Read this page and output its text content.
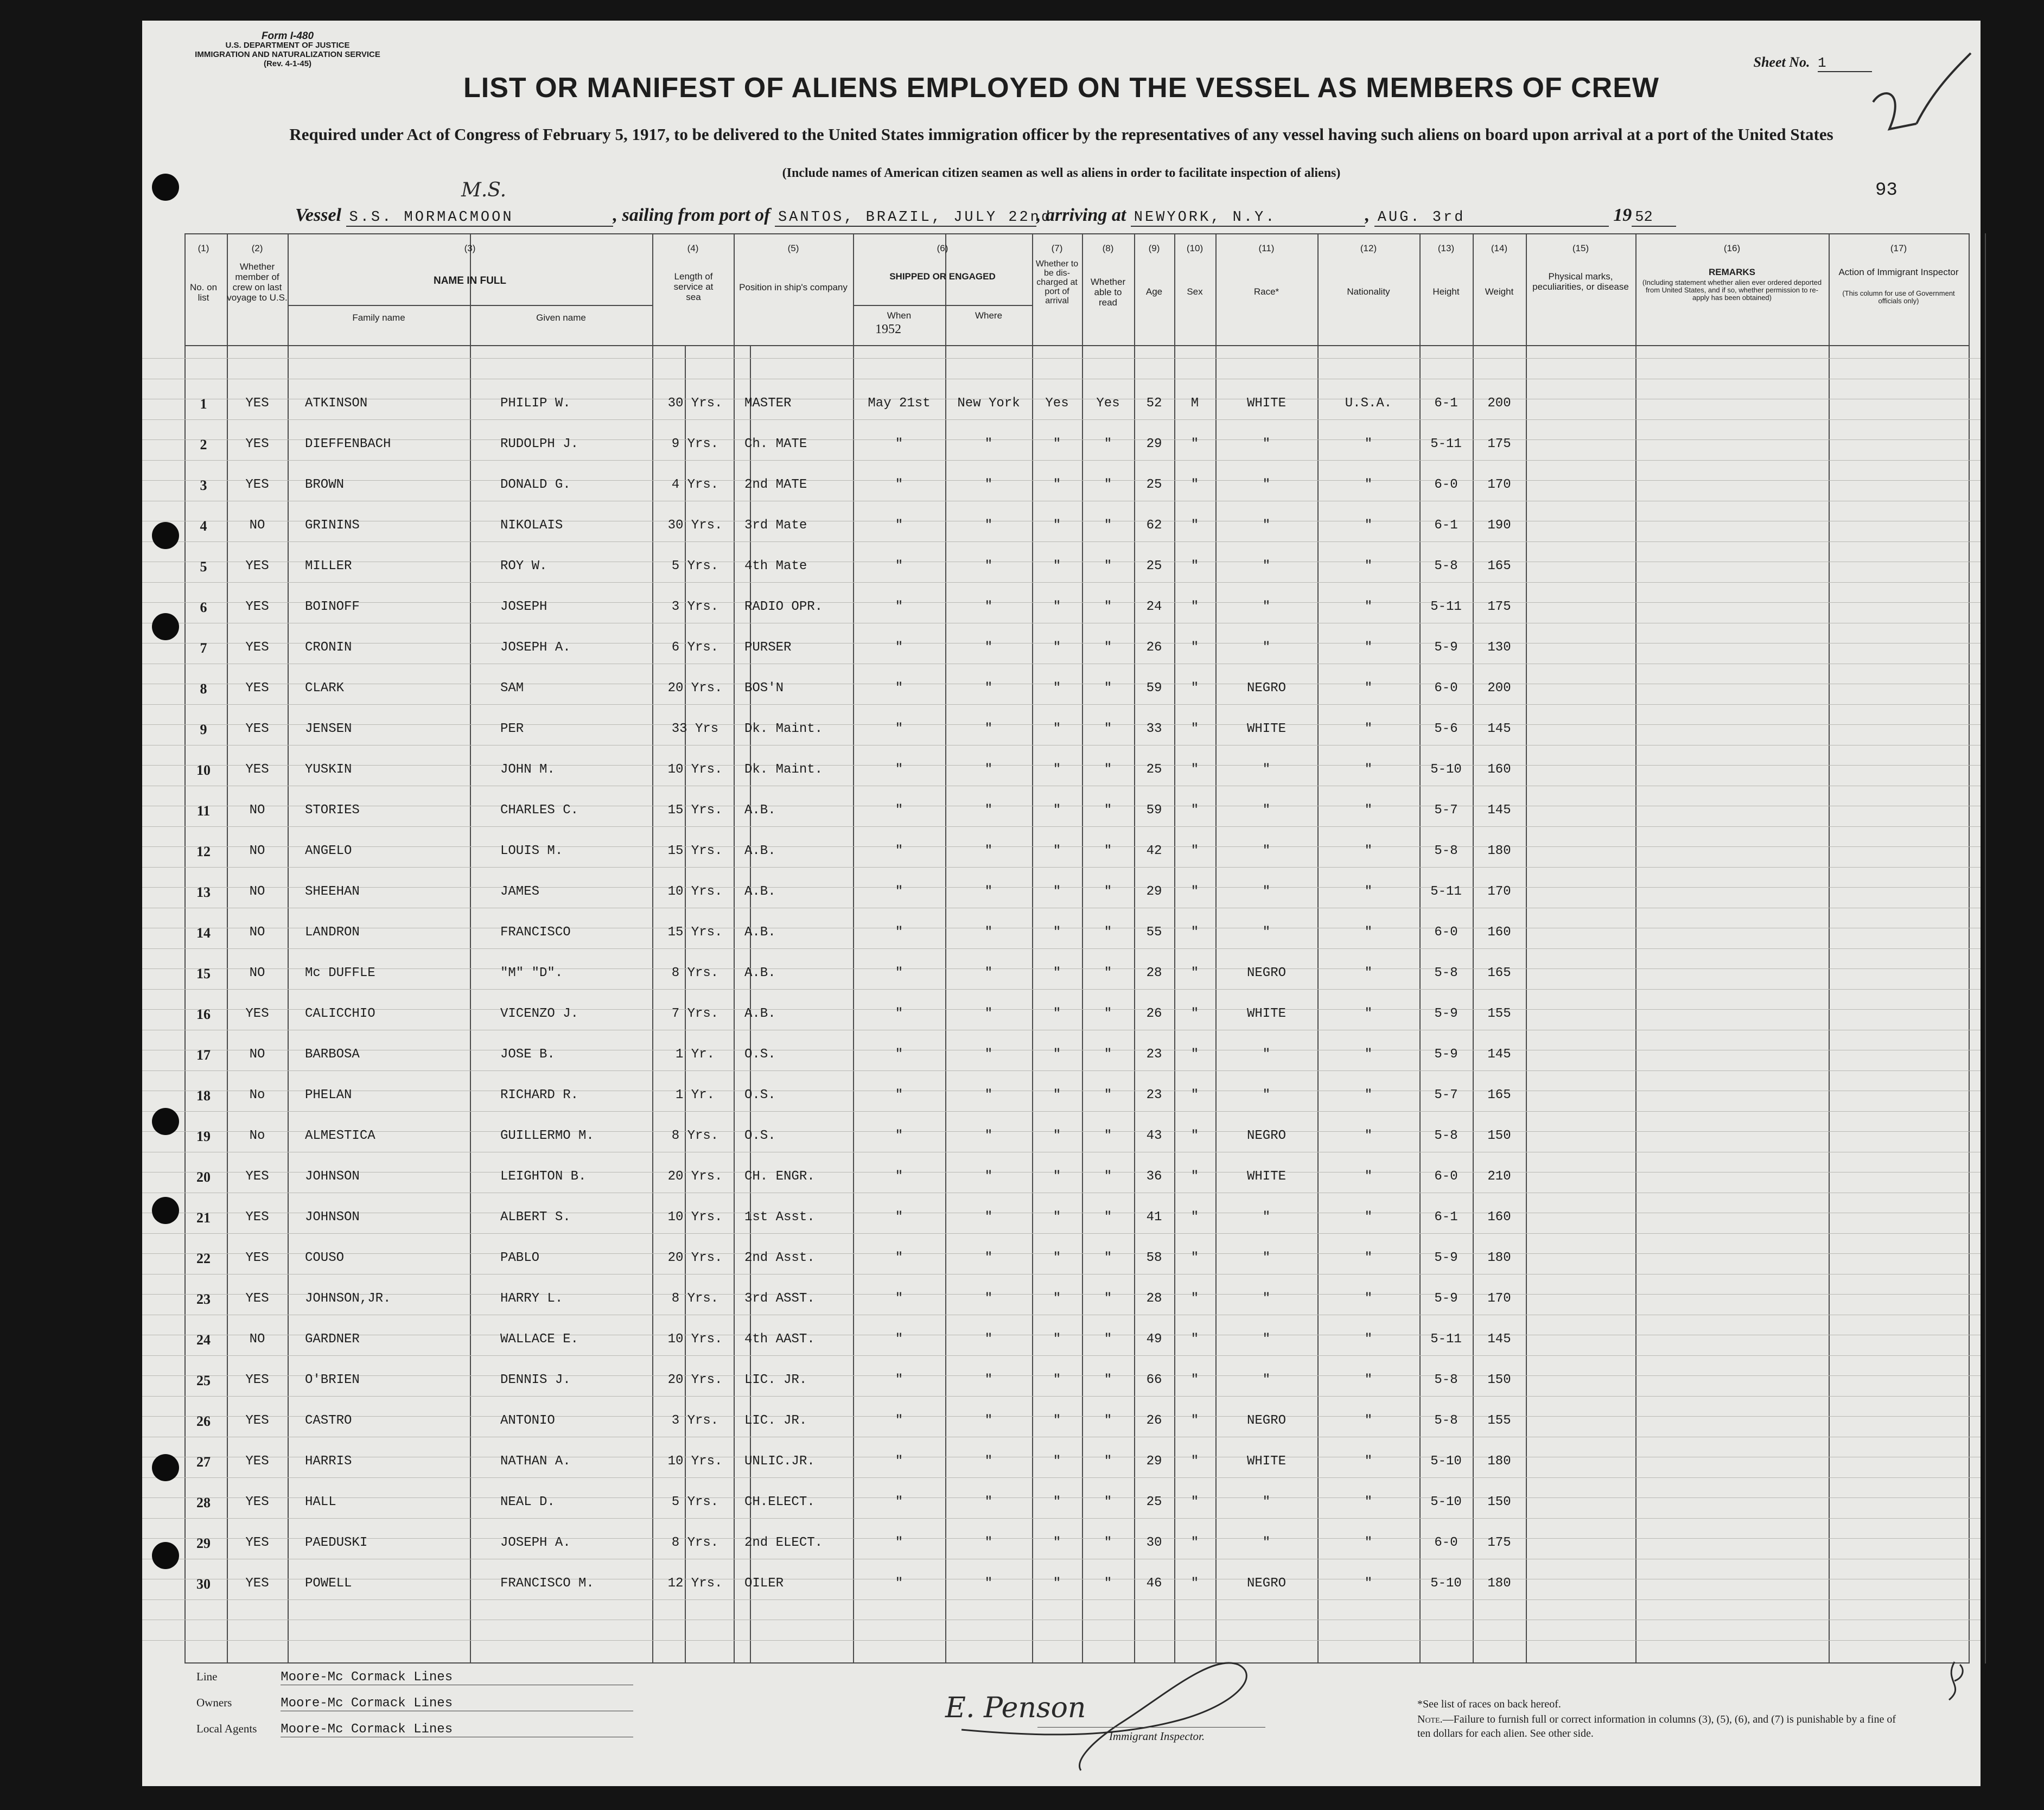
Form I-480
U.S. DEPARTMENT OF JUSTICE
IMMIGRATION AND NATURALIZATION SERVICE
(Rev. 4-1-45)	Sheet No. 1
LIST OR MANIFEST OF ALIENS EMPLOYED ON THE VESSEL AS MEMBERS OF CREW
Required under Act of Congress of February 5, 1917, to be delivered to the United States immigration officer by the representatives of any vessel having such aliens on board upon arrival at a port of the United States
(Include names of American citizen seamen as well as aliens in order to facilitate inspection of aliens)
93
Vessel S.S. MORMACMOON	, sailing from port of SANTOS, BRAZIL, JULY 22nd, arriving at NEWYORK, N.Y.	, AUG. 3rd	19 52
M.S.
(1)
No. on list
(2)
Whether member of crew on last voyage to U.S.
(3)
NAME IN FULL
Family name	Given name
(4)
Length of service at sea
(5)
Position in ship's company
(6)
SHIPPED OR ENGAGED
When
1952
Where
(7)
Whether to be dis-charged at port of arrival
(8)
Whether able to read
(9)
Age
(10)
Sex
(11)
Race*
(12)
Nationality
(13)
Height
(14)
Weight
(15)
Physical marks, peculiarities, or disease
(16)
REMARKS
(Including statement whether alien ever ordered deported from United States, and if so, whether permission to re-apply has been obtained)
(17)
Action of Immigrant Inspector
(This column for use of Government officials only)
1	YES	ATKINSON	PHILIP W.	30 Yrs.	MASTER	May 21st	New York	Yes	Yes	52	M	WHITE	U.S.A.	6-1	200
2	YES	DIEFFENBACH	RUDOLPH J.	9 Yrs.	Ch. MATE	"	"	"	"	29	"	"	"	5-11	175
3	YES	BROWN	DONALD G.	4 Yrs.	2nd MATE	"	"	"	"	25	"	"	"	6-0	170
4	NO	GRININS	NIKOLAIS	30 Yrs.	3rd Mate	"	"	"	"	62	"	"	"	6-1	190
5	YES	MILLER	ROY W.	5 Yrs.	4th Mate	"	"	"	"	25	"	"	"	5-8	165
6	YES	BOINOFF	JOSEPH	3 Yrs.	RADIO OPR.	"	"	"	"	24	"	"	"	5-11	175
7	YES	CRONIN	JOSEPH A.	6 Yrs.	PURSER	"	"	"	"	26	"	"	"	5-9	130
8	YES	CLARK	SAM	20 Yrs.	BOS'N	"	"	"	"	59	"	NEGRO	"	6-0	200
9	YES	JENSEN	PER	33 Yrs	Dk. Maint.	"	"	"	"	33	"	WHITE	"	5-6	145
10	YES	YUSKIN	JOHN M.	10 Yrs.	Dk. Maint.	"	"	"	"	25	"	"	"	5-10	160
11	NO	STORIES	CHARLES C.	15 Yrs.	A.B.	"	"	"	"	59	"	"	"	5-7	145
12	NO	ANGELO	LOUIS M.	15 Yrs.	A.B.	"	"	"	"	42	"	"	"	5-8	180
13	NO	SHEEHAN	JAMES	10 Yrs.	A.B.	"	"	"	"	29	"	"	"	5-11	170
14	NO	LANDRON	FRANCISCO	15 Yrs.	A.B.	"	"	"	"	55	"	"	"	6-0	160
15	NO	Mc DUFFLE	"M" "D".	8 Yrs.	A.B.	"	"	"	"	28	"	NEGRO	"	5-8	165
16	YES	CALICCHIO	VICENZO J.	7 Yrs.	A.B.	"	"	"	"	26	"	WHITE	"	5-9	155
17	NO	BARBOSA	JOSE B.	1 Yr.	O.S.	"	"	"	"	23	"	"	"	5-9	145
18	No	PHELAN	RICHARD R.	1 Yr.	O.S.	"	"	"	"	23	"	"	"	5-7	165
19	No	ALMESTICA	GUILLERMO M.	8 Yrs.	O.S.	"	"	"	"	43	"	NEGRO	"	5-8	150
20	YES	JOHNSON	LEIGHTON B.	20 Yrs.	CH. ENGR.	"	"	"	"	36	"	WHITE	"	6-0	210
21	YES	JOHNSON	ALBERT S.	10 Yrs.	1st Asst.	"	"	"	"	41	"	"	"	6-1	160
22	YES	COUSO	PABLO	20 Yrs.	2nd Asst.	"	"	"	"	58	"	"	"	5-9	180
23	YES	JOHNSON,JR.	HARRY L.	8 Yrs.	3rd ASST.	"	"	"	"	28	"	"	"	5-9	170
24	NO	GARDNER	WALLACE E.	10 Yrs.	4th AAST.	"	"	"	"	49	"	"	"	5-11	145
25	YES	O'BRIEN	DENNIS J.	20 Yrs.	LIC. JR.	"	"	"	"	66	"	"	"	5-8	150
26	YES	CASTRO	ANTONIO	3 Yrs.	LIC. JR.	"	"	"	"	26	"	NEGRO	"	5-8	155
27	YES	HARRIS	NATHAN A.	10 Yrs.	UNLIC.JR.	"	"	"	"	29	"	WHITE	"	5-10	180
28	YES	HALL	NEAL D.	5 Yrs.	CH.ELECT.	"	"	"	"	25	"	"	"	5-10	150
29	YES	PAEDUSKI	JOSEPH A.	8 Yrs.	2nd ELECT.	"	"	"	"	30	"	"	"	6-0	175
30	YES	POWELL	FRANCISCO M.	12 Yrs.	OILER	"	"	"	"	46	"	NEGRO	"	5-10	180
Line	Moore-Mc Cormack Lines
Owners	Moore-Mc Cormack Lines
Local Agents Moore-Mc Cormack Lines
E. Penson
Immigrant Inspector.
*See list of races on back hereof.
Note.—Failure to furnish full or correct information in columns (3), (5), (6), and (7) is punishable by a fine of ten dollars for each alien. See other side.
